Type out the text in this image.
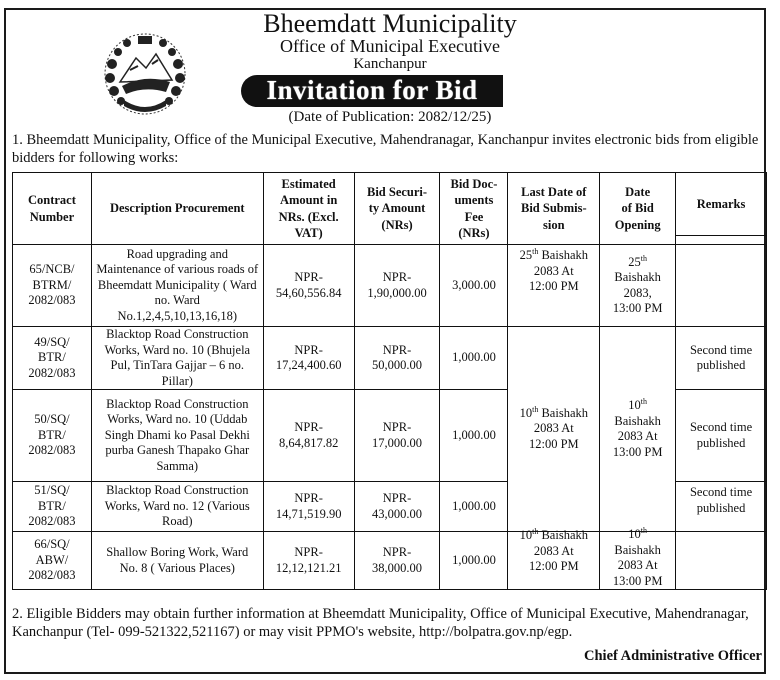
Bheemdatt Municipality
Office of Municipal Executive
Kanchanpur
Invitation for Bid
(Date of Publication: 2082/12/25)
1. Bheemdatt Municipality, Office of the Municipal Executive, Mahendranagar, Kanchanpur invites electronic bids from eligible bidders for following works:
Contract
Number	Description Procurement	Estimated
Amount in
NRs. (Excl.
VAT)	Bid Securi-
ty Amount
(NRs)	Bid Doc-
uments
Fee
(NRs)	Last Date of
Bid Submis-
sion	Date
of Bid
Opening	Remarks

65/NCB/
BTRM/
2082/083	Road upgrading and Maintenance of various roads of Bheemdatt Municipality ( Ward no. Ward No.1,2,4,5,10,13,16,18)	NPR-
54,60,556.84	NPR-
1,90,000.00	3,000.00	25th Baishakh
2083 At
12:00 PM	25th
Baishakh
2083,
13:00 PM	
49/SQ/
BTR/
2082/083	Blacktop Road Construction Works, Ward no. 10 (Bhujela Pul, TinTara Gajjar – 6 no. Pillar)	NPR-
17,24,400.60	NPR-
50,000.00	1,000.00	10th Baishakh
2083 At
12:00 PM	10th
Baishakh
2083 At
13:00 PM	Second time published
50/SQ/
BTR/
2082/083	Blacktop Road Construction Works, Ward no. 10 (Uddab Singh Dhami ko Pasal Dekhi purba Ganesh Thapako Ghar Samma)	NPR-
8,64,817.82	NPR-
17,000.00	1,000.00			Second time published
51/SQ/
BTR/
2082/083	Blacktop Road Construction Works, Ward no. 12 (Various Road)	NPR-
14,71,519.90	NPR-
43,000.00	1,000.00			Second time published
66/SQ/
ABW/
2082/083	Shallow Boring Work, Ward No. 8 ( Various Places)	NPR-
12,12,121.21	NPR-
38,000.00	1,000.00	10th Baishakh
2083 At
12:00 PM	10th
Baishakh
2083 At
13:00 PM	

2. Eligible Bidders may obtain further information at Bheemdatt Municipality, Office of Municipal Executive, Mahendranagar, Kanchanpur (Tel- 099-521322,521167) or may visit PPMO's website, http://bolpatra.gov.np/egp.
Chief Administrative Officer
